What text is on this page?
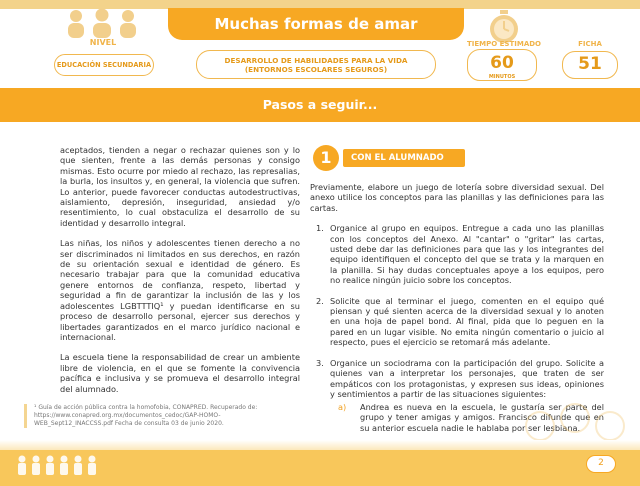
Muchas formas de amar
NIVEL
EDUCACIÓN SECUNDARIA	DESARROLLO DE HABILIDADES PARA LA VIDA
(ENTORNOS ESCOLARES SEGUROS)
TIEMPO ESTIMADO
60
MINUTOS
FICHA
51
Pasos a seguir...

aceptados, tienden a negar o rechazar quienes son y lo que sienten, frente a las demás personas y consigo mismas. Esto ocurre por miedo al rechazo, las represalias, la burla, los insultos y, en general, la violencia que sufren. Lo anterior, puede favorecer conductas autodestructivas, aislamiento, depresión, inseguridad, ansiedad y/o resentimiento, lo cual obstaculiza el desarrollo de su identidad y desarrollo integral.

Las niñas, los niños y adolescentes tienen derecho a no ser discriminados ni limitados en sus derechos, en razón de su orientación sexual e identidad de género. Es necesario trabajar para que la comunidad educativa genere entornos de confianza, respeto, libertad y seguridad a fin de garantizar la inclusión de las y los adolescentes LGBTTTIQ¹ y puedan identificarse en su proceso de desarrollo personal, ejercer sus derechos y libertades garantizados en el marco jurídico nacional e internacional.

La escuela tiene la responsabilidad de crear un ambiente libre de violencia, en el que se fomente la convivencia pacífica e inclusiva y se promueva el desarrollo integral del alumnado.

¹ Guía de acción pública contra la homofobia, CONAPRED. Recuperado de: https://www.conapred.org.mx/documentos_cedoc/GAP-HOMO-WEB_Sept12_INACCSS.pdf Fecha de consulta 03 de junio 2020.
1	CON EL ALUMNADO

Previamente, elabore un juego de lotería sobre diversidad sexual. Del anexo utilice los conceptos para las planillas y las definiciones para las cartas.

1. Organice al grupo en equipos. Entregue a cada uno las planillas con los conceptos del Anexo. Al "cantar" o "gritar" las cartas, usted debe dar las definiciones para que las y los integrantes del equipo identifiquen el concepto del que se trata y la marquen en la planilla. Si hay dudas conceptuales apoye a los equipos, pero no realice ningún juicio sobre los conceptos.
2. Solicite que al terminar el juego, comenten en el equipo qué piensan y qué sienten acerca de la diversidad sexual y lo anoten en una hoja de papel bond. Al final, pida que lo peguen en la pared en un lugar visible. No emita ningún comentario o juicio al respecto, pues el ejercicio se retomará más adelante.
3. Organice un sociodrama con la participación del grupo. Solicite a quienes van a interpretar los personajes, que traten de ser empáticos con los protagonistas, y expresen sus ideas, opiniones y sentimientos a partir de las situaciones siguientes:
a) Andrea es nueva en la escuela, le gustaría ser parte del grupo y tener amigas y amigos. Francisco difunde que en su anterior escuela nadie le hablaba por ser lesbiana.
2
